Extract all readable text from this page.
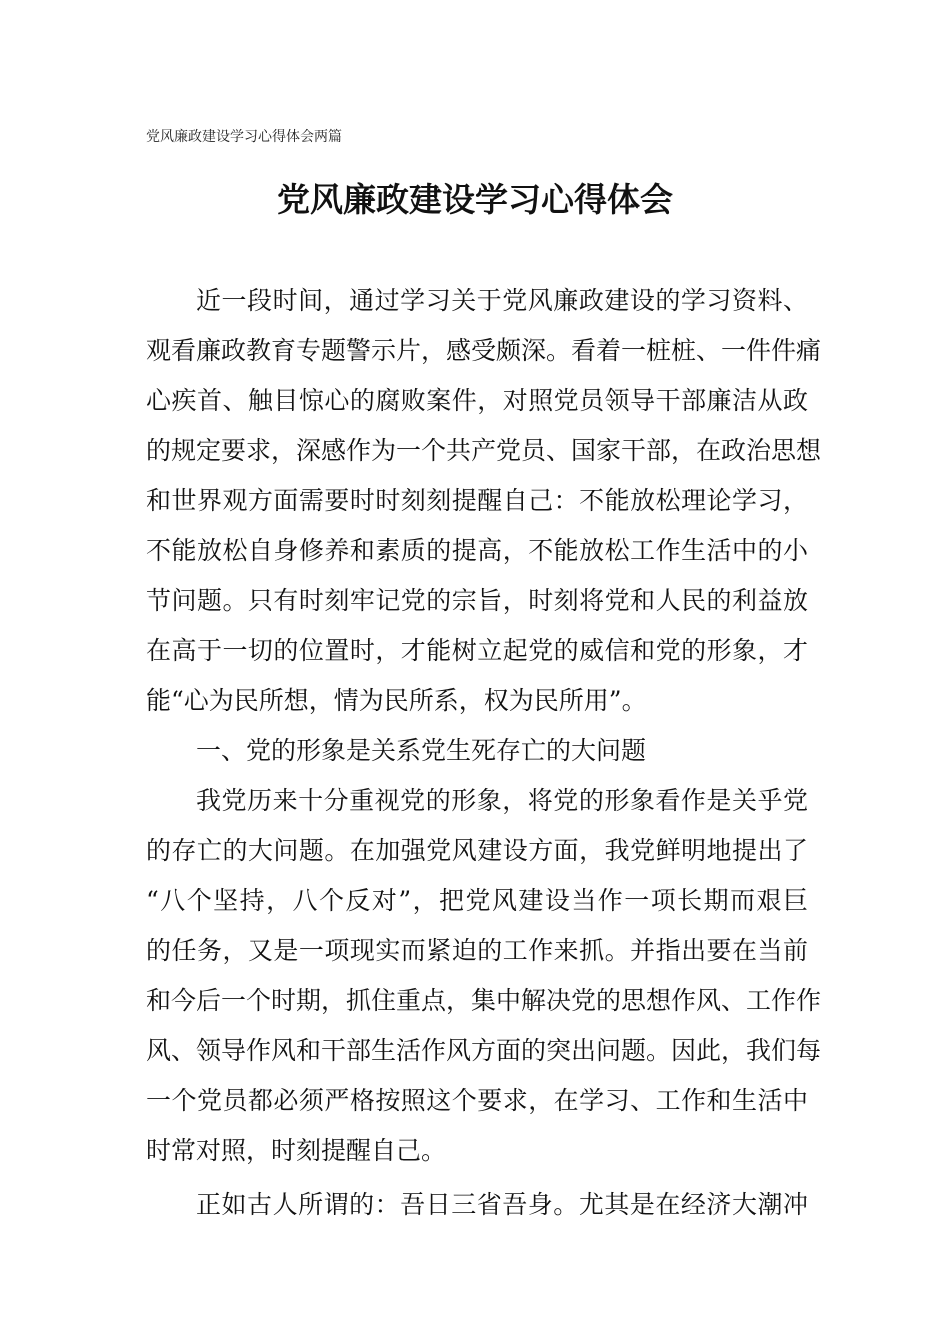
党风廉政建设学习心得体会两篇
党风廉政建设学习心得体会
近一段时间，通过学习关于党风廉政建设的学习资料、
观看廉政教育专题警示片，感受颇深。看着一桩桩、一件件痛
心疾首、触目惊心的腐败案件，对照党员领导干部廉洁从政
的规定要求，深感作为一个共产党员、国家干部，在政治思想
和世界观方面需要时时刻刻提醒自己：不能放松理论学习，
不能放松自身修养和素质的提高，不能放松工作生活中的小
节问题。只有时刻牢记党的宗旨，时刻将党和人民的利益放
在高于一切的位置时，才能树立起党的威信和党的形象，才
能“心为民所想，情为民所系，权为民所用”。
一、党的形象是关系党生死存亡的大问题
我党历来十分重视党的形象，将党的形象看作是关乎党
的存亡的大问题。在加强党风建设方面，我党鲜明地提出了
“八个坚持，八个反对”，把党风建设当作一项长期而艰巨
的任务，又是一项现实而紧迫的工作来抓。并指出要在当前
和今后一个时期，抓住重点，集中解决党的思想作风、工作作
风、领导作风和干部生活作风方面的突出问题。因此，我们每
一个党员都必须严格按照这个要求，在学习、工作和生活中
时常对照，时刻提醒自己。
正如古人所谓的：吾日三省吾身。尤其是在经济大潮冲
